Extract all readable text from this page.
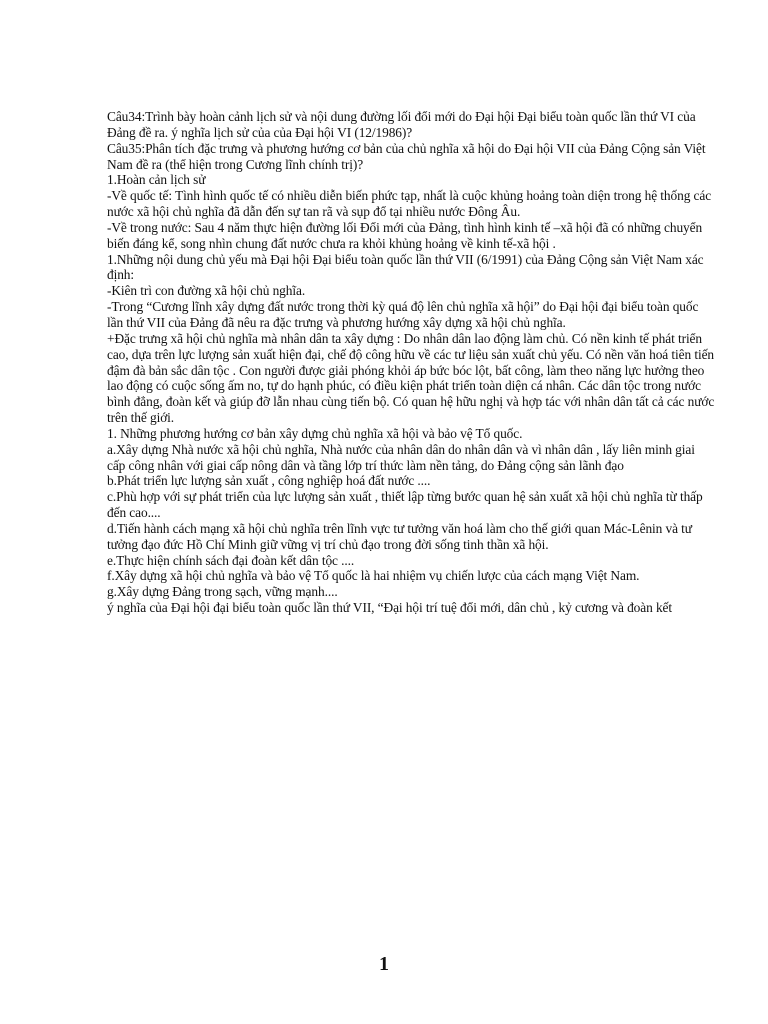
Câu34:Trình bày hoàn cảnh lịch sử và nội dung đường lối đổi mới do Đại hội Đại biểu toàn quốc lần thứ VI của Đảng đề ra. ý nghĩa lịch sử của của Đại hội VI (12/1986)?

Câu35:Phân tích đặc trưng và phương hướng cơ bản của chủ nghĩa xã hội do Đại hội VII của Đảng Cộng sản Việt Nam đề ra (thể hiện trong Cương lĩnh chính trị)?

1.Hoàn cản lịch sử

-Về quốc tế: Tình hình quốc tế có nhiều diễn biến phức tạp, nhất là cuộc khủng hoảng toàn diện trong hệ thống các nước xã hội chủ nghĩa đã dẫn đến sự tan rã và sụp đổ tại nhiều nước Đông Âu.

-Về trong nước: Sau 4 năm thực hiện đường lối Đổi mới của Đảng, tình hình kinh tế –xã hội đã có những chuyển biến đáng kể, song nhìn chung đất nước chưa ra khỏi khủng hoảng về kinh tế-xã hội .

1.Những nội dung chủ yếu mà Đại hội Đại biểu toàn quốc lần thứ VII (6/1991) của Đảng Cộng sản Việt Nam xác định:

-Kiên trì con đường xã hội chủ nghĩa.

-Trong “Cương lĩnh xây dựng đất nước trong thời kỳ quá độ lên chủ nghĩa xã hội” do Đại hội đại biểu toàn quốc lần thứ VII của Đảng đã nêu ra đặc trưng và phương hướng xây dựng xã hội chủ nghĩa.

+Đặc trưng xã hội chủ nghĩa mà nhân dân ta xây dựng : Do nhân dân lao động làm chủ. Có nền kinh tế phát triển cao, dựa trên lực lượng sản xuất hiện đại, chế độ công hữu về các tư liệu sản xuất chủ yếu. Có nền văn hoá tiên tiến đậm đà bản sắc dân tộc . Con người được giải phóng khỏi áp bức bóc lột, bất công, làm theo năng lực hưởng theo lao động có cuộc sống ấm no, tự do hạnh phúc, có điều kiện phát triển toàn diện cá nhân. Các dân tộc trong nước bình đẳng, đoàn kết và giúp đỡ lẫn nhau cùng tiến bộ. Có quan hệ hữu nghị và hợp tác với nhân dân tất cả các nước trên thế giới.

1. Những phương hướng cơ bản xây dựng chủ nghĩa xã hội và bảo vệ Tổ quốc.

a.Xây dựng Nhà nước xã hội chủ nghĩa, Nhà nước của nhân dân do nhân dân và vì nhân dân , lấy liên minh giai cấp công nhân với giai cấp nông dân và tầng lớp trí thức làm nền tảng, do Đảng cộng sản lãnh đạo

b.Phát triển lực lượng sản xuất , công nghiệp hoá đất nước ....

c.Phù hợp với sự phát triển của lực lượng sản xuất , thiết lập từng bước quan hệ sản xuất xã hội chủ nghĩa từ thấp đến cao....

d.Tiến hành cách mạng xã hội chủ nghĩa trên lĩnh vực tư tưởng văn hoá làm cho thế giới quan Mác-Lênin và tư tưởng đạo đức Hồ Chí Minh giữ vững vị trí chủ đạo trong đời sống tinh thần xã hội.

e.Thực hiện chính sách đại đoàn kết dân tộc ....

f.Xây dựng xã hội chủ nghĩa và bảo vệ Tổ quốc là hai nhiệm vụ chiến lược của cách mạng Việt Nam.

g.Xây dựng Đảng trong sạch, vững mạnh....

ý nghĩa của Đại hội đại biểu toàn quốc lần thứ VII, “Đại hội trí tuệ đổi mới, dân chủ , kỷ cương và đoàn kết

1
